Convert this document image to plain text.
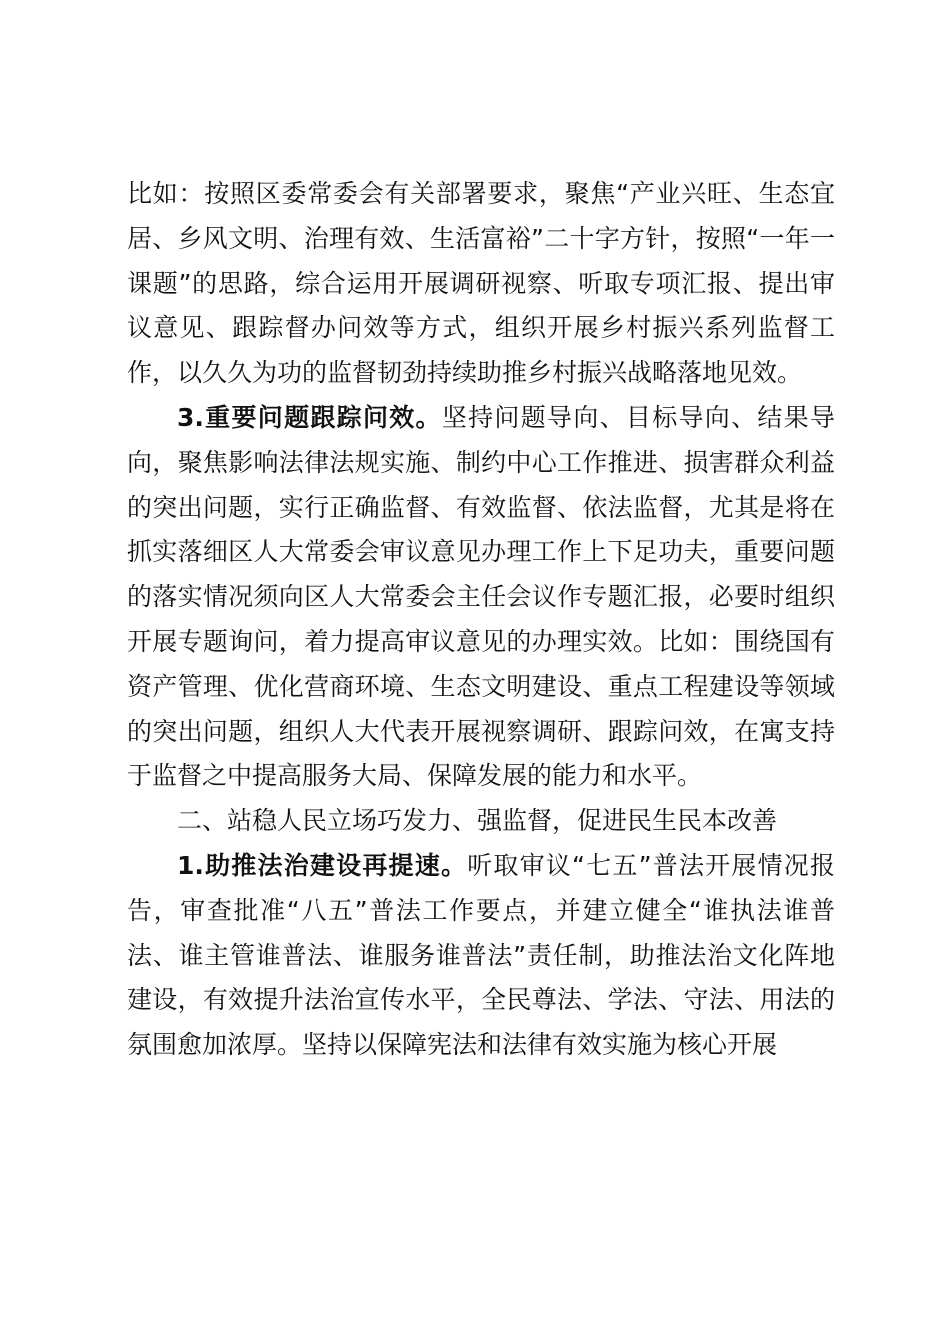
比如：按照区委常委会有关部署要求，聚焦“产业兴旺、生态宜居、乡风文明、治理有效、生活富裕”二十字方针，按照“一年一课题”的思路，综合运用开展调研视察、听取专项汇报、提出审议意见、跟踪督办问效等方式，组织开展乡村振兴系列监督工作，以久久为功的监督韧劲持续助推乡村振兴战略落地见效。

3.重要问题跟踪问效。坚持问题导向、目标导向、结果导向，聚焦影响法律法规实施、制约中心工作推进、损害群众利益的突出问题，实行正确监督、有效监督、依法监督，尤其是将在抓实落细区人大常委会审议意见办理工作上下足功夫，重要问题的落实情况须向区人大常委会主任会议作专题汇报，必要时组织开展专题询问，着力提高审议意见的办理实效。比如：围绕国有资产管理、优化营商环境、生态文明建设、重点工程建设等领域的突出问题，组织人大代表开展视察调研、跟踪问效，在寓支持于监督之中提高服务大局、保障发展的能力和水平。

二、站稳人民立场巧发力、强监督，促进民生民本改善

1.助推法治建设再提速。听取审议“七五”普法开展情况报告，审查批准“八五”普法工作要点，并建立健全“谁执法谁普法、谁主管谁普法、谁服务谁普法”责任制，助推法治文化阵地建设，有效提升法治宣传水平，全民尊法、学法、守法、用法的氛围愈加浓厚。坚持以保障宪法和法律有效实施为核心开展
